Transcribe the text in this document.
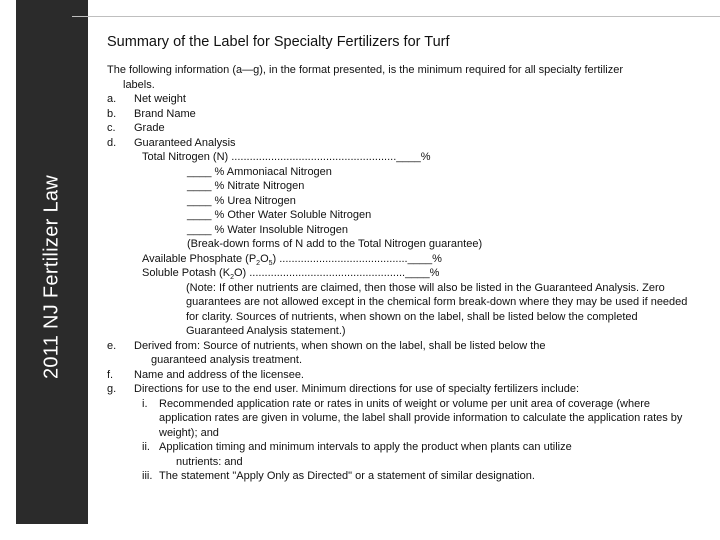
2011 NJ Fertilizer Law
Summary of the Label for Specialty Fertilizers for Turf
The following information (a—g), in the format presented, is the minimum required for all specialty fertilizer
labels.
a.	Net weight
b.	Brand Name
c.	Grade
d.	Guaranteed Analysis
Total Nitrogen (N) ......................................................____%
____ % Ammoniacal Nitrogen
____ % Nitrate Nitrogen
____ % Urea Nitrogen
____ % Other Water Soluble Nitrogen
____ % Water Insoluble Nitrogen
(Break-down forms of N add to the Total Nitrogen guarantee)
Available Phosphate $(P_2O_5)$ ..........................................____%
Soluble Potash $(K_2O)$ ...................................................____%
(Note: If other nutrients are claimed, then those will also be listed in the Guaranteed Analysis. Zero guarantees are not allowed except in the chemical form break-down where they may be used if needed for clarity. Sources of nutrients, when shown on the label, shall be listed below the completed Guaranteed Analysis statement.)
e.	Derived from: Source of nutrients, when shown on the label, shall be listed below the
guaranteed analysis treatment.
f.	Name and address of the licensee.
g.	Directions for use to the end user. Minimum directions for use of specialty fertilizers include:
i.	Recommended application rate or rates in units of weight or volume per unit area of coverage (where application rates are given in volume, the label shall provide information to calculate the application rates by weight); and
ii. Application timing and minimum intervals to apply the product when plants can utilize
nutrients: and
iii. The statement "Apply Only as Directed" or a statement of similar designation.
